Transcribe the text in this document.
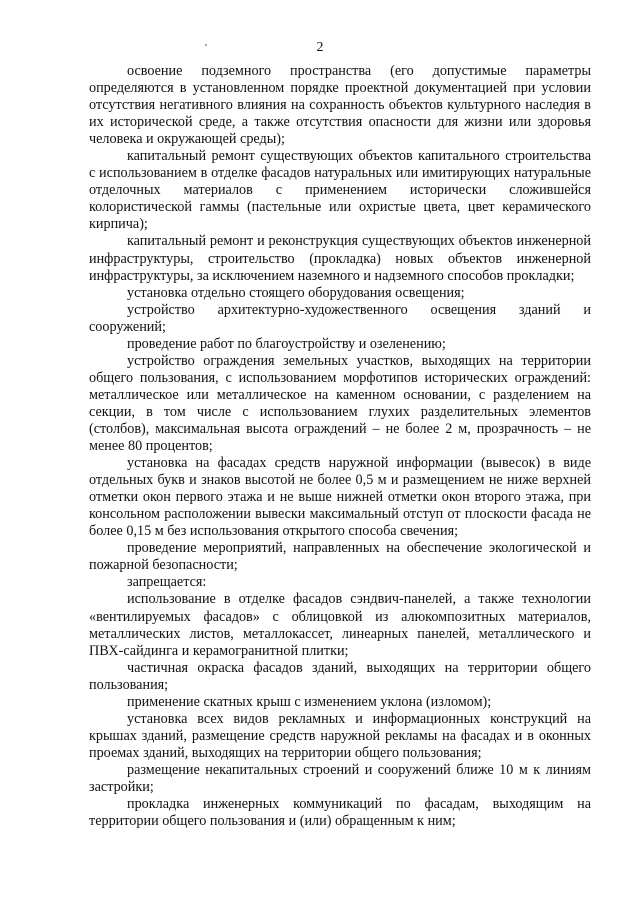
2

освоение подземного пространства (его допустимые параметры определяются в установленном порядке проектной документацией при условии отсутствия негативного влияния на сохранность объектов культурного наследия в их исторической среде, а также отсутствия опасности для жизни или здоровья человека и окружающей среды);

капитальный ремонт существующих объектов капитального строительства с использованием в отделке фасадов натуральных или имитирующих натуральные отделочных материалов с применением исторически сложившейся колористической гаммы (пастельные или охристые цвета, цвет керамического кирпича);

капитальный ремонт и реконструкция существующих объектов инженерной инфраструктуры, строительство (прокладка) новых объектов инженерной инфраструктуры, за исключением наземного и надземного способов прокладки;

установка отдельно стоящего оборудования освещения;

устройство архитектурно-художественного освещения зданий и сооружений;

проведение работ по благоустройству и озеленению;

устройство ограждения земельных участков, выходящих на территории общего пользования, с использованием морфотипов исторических ограждений: металлическое или металлическое на каменном основании, с разделением на секции, в том числе с использованием глухих разделительных элементов (столбов), максимальная высота ограждений – не более 2 м, прозрачность – не менее 80 процентов;

установка на фасадах средств наружной информации (вывесок) в виде отдельных букв и знаков высотой не более 0,5 м и размещением не ниже верхней отметки окон первого этажа и не выше нижней отметки окон второго этажа, при консольном расположении вывески максимальный отступ от плоскости фасада не более 0,15 м без использования открытого способа свечения;

проведение мероприятий, направленных на обеспечение экологической и пожарной безопасности;

запрещается:

использование в отделке фасадов сэндвич-панелей, а также технологии «вентилируемых фасадов» с облицовкой из алюкомпозитных материалов, металлических листов, металлокассет, линеарных панелей, металлического и ПВХ-сайдинга и керамогранитной плитки;

частичная окраска фасадов зданий, выходящих на территории общего пользования;

применение скатных крыш с изменением уклона (изломом);

установка всех видов рекламных и информационных конструкций на крышах зданий, размещение средств наружной рекламы на фасадах и в оконных проемах зданий, выходящих на территории общего пользования;

размещение некапитальных строений и сооружений ближе 10 м к линиям застройки;

прокладка инженерных коммуникаций по фасадам, выходящим на территории общего пользования и (или) обращенным к ним;
